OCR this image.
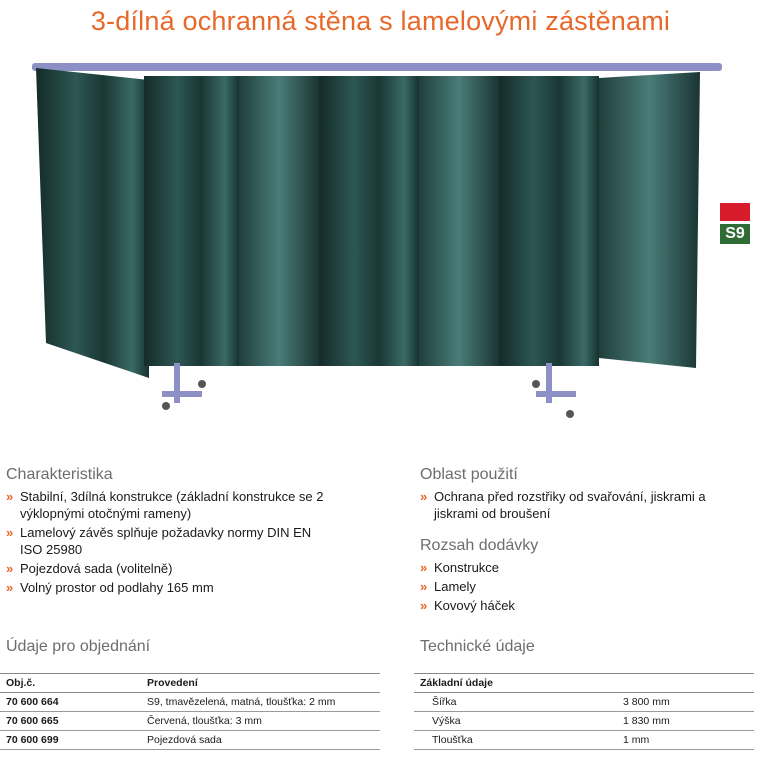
3-dílná ochranná stěna s lamelovými zástěnami
S9
Charakteristika
» Stabilní, 3dílná konstrukce (základní konstrukce se 2 výklopnými otočnými rameny)
» Lamelový závěs splňuje požadavky normy DIN EN ISO 25980
» Pojezdová sada (volitelně)
» Volný prostor od podlahy 165 mm
Oblast použití
» Ochrana před rozstřiky od svařování, jiskrami a jiskrami od broušení
Rozsah dodávky
» Konstrukce
» Lamely
» Kovový háček
Údaje pro objednání
Obj.č.	Provedení
70 600 664	S9, tmavězelená, matná, tloušťka: 2 mm
70 600 665	Červená, tloušťka: 3 mm
70 600 699	Pojezdová sada
Technické údaje
Základní údaje	
Šířka	3 800 mm
Výška	1 830 mm
Tloušťka	1 mm
